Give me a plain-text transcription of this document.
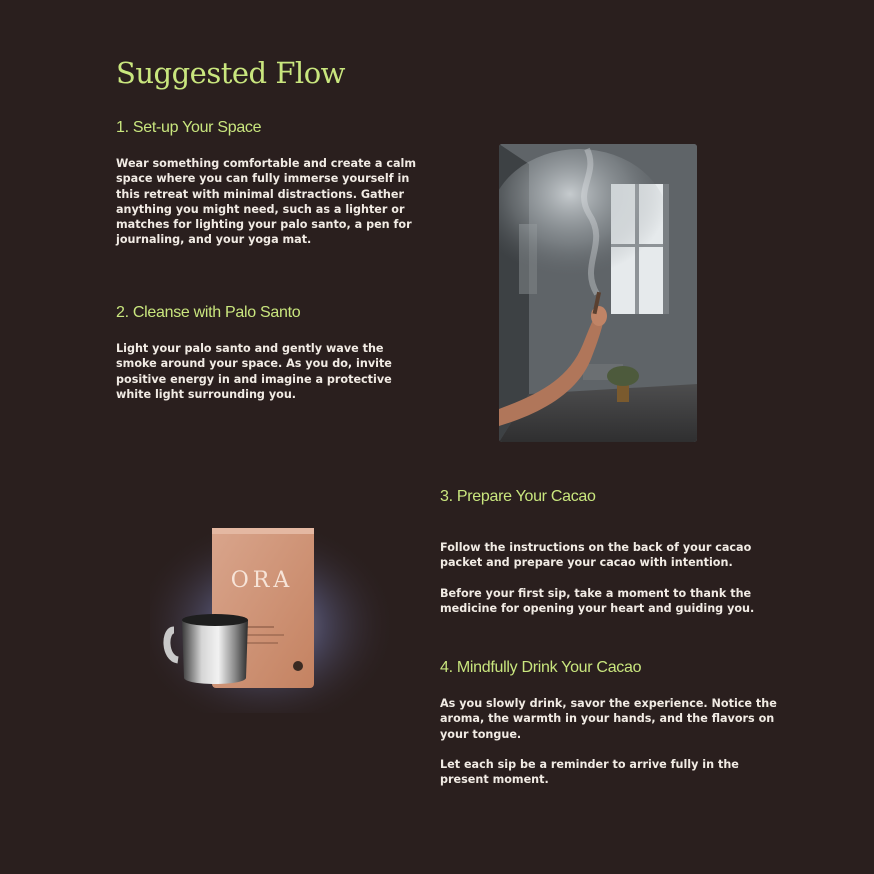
Suggested Flow
1. Set-up Your Space

Wear something comfortable and create a calm space where you can fully immerse yourself in this retreat with minimal distractions. Gather anything you might need, such as a lighter or matches for lighting your palo santo, a pen for journaling, and your yoga mat.

2. Cleanse with Palo Santo

Light your palo santo and gently wave the smoke around your space. As you do, invite positive energy in and imagine a protective white light surrounding you.

ORA
3. Prepare Your Cacao

Follow the instructions on the back of your cacao packet and prepare your cacao with intention.

Before your first sip, take a moment to thank the medicine for opening your heart and guiding you.

4. Mindfully Drink Your Cacao

As you slowly drink, savor the experience. Notice the aroma, the warmth in your hands, and the flavors on your tongue.

Let each sip be a reminder to arrive fully in the present moment.
